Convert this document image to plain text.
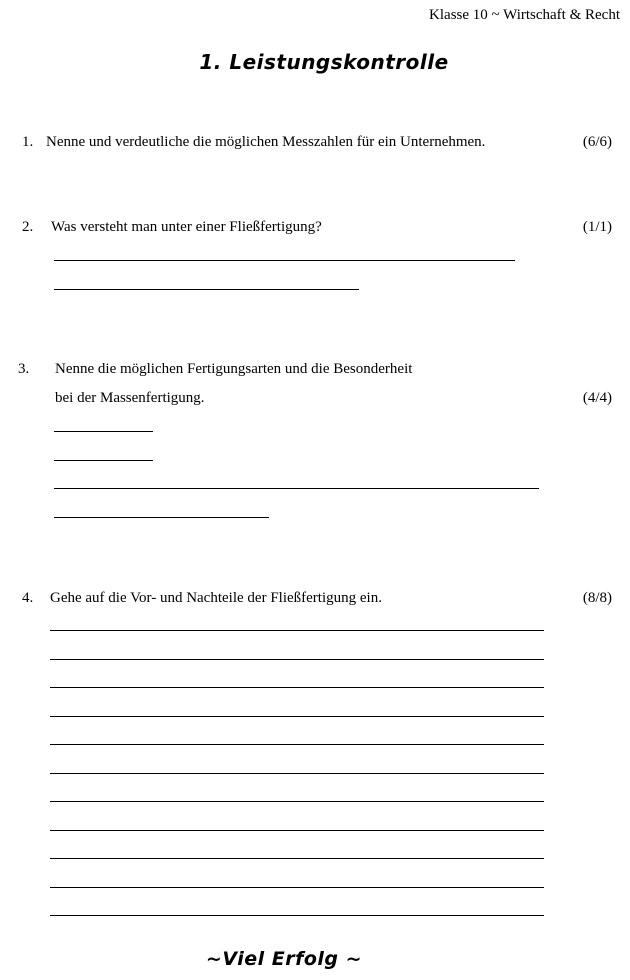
Klasse 10 ~ Wirtschaft & Recht
1. Leistungskontrolle
1. Nenne und verdeutliche die möglichen Messzahlen für ein Unternehmen.	(6/6)
2. Was versteht man unter einer Fließfertigung?	(1/1)
3. Nenne die möglichen Fertigungsarten und die Besonderheit
bei der Massenfertigung.	(4/4)
4. Gehe auf die Vor- und Nachteile der Fließfertigung ein.	(8/8)
~Viel Erfolg ~
